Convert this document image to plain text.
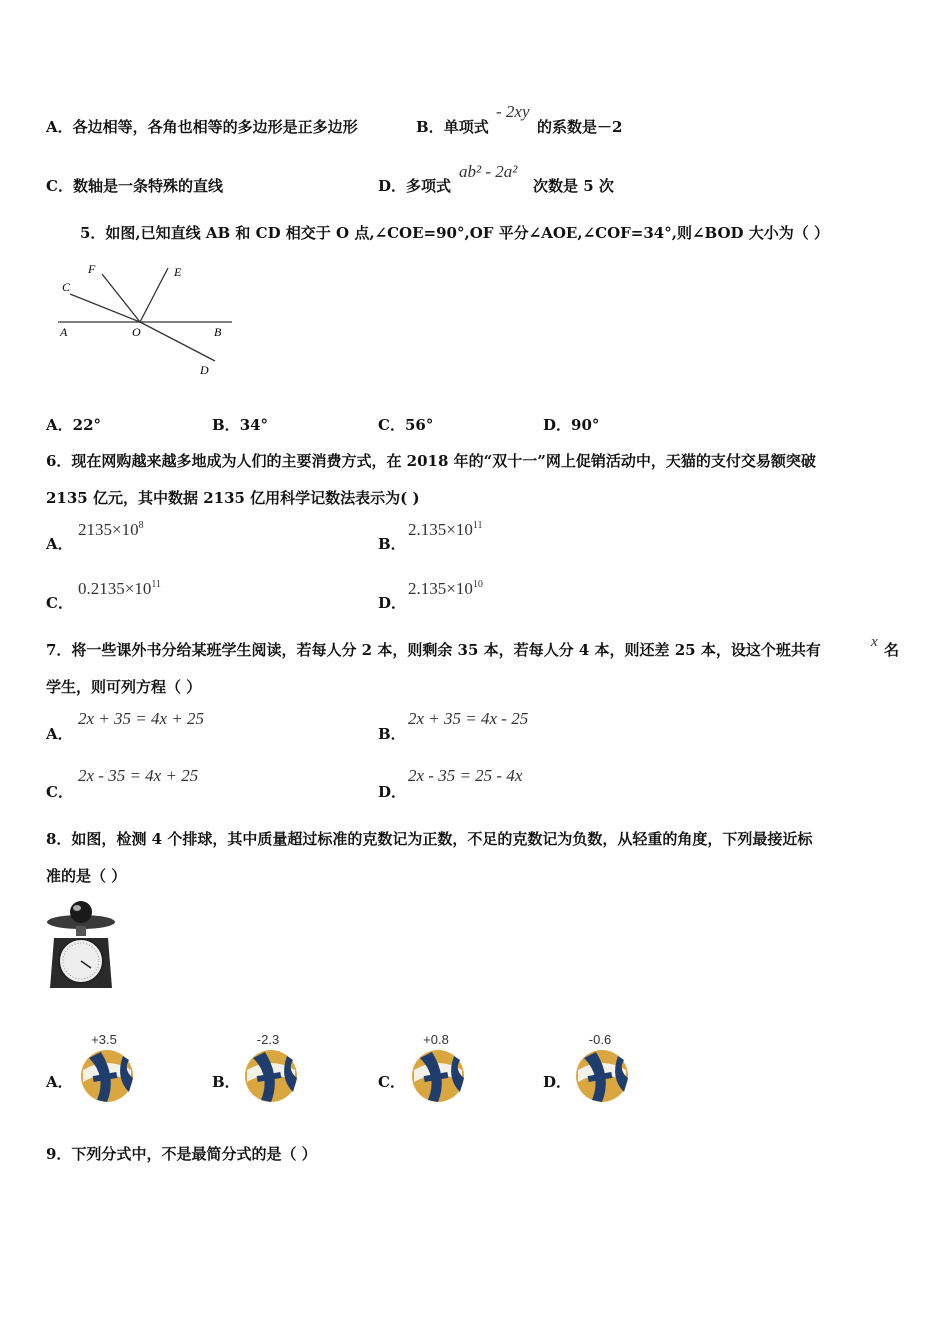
A．各边相等，各角也相等的多边形是正多边形	B．单项式
- 2xy
的系数是－2
C．数轴是一条特殊的直线	D．多项式
ab² - 2a²
次数是 5 次
5．如图,已知直线 AB 和 CD 相交于 O 点,∠COE=90°,OF 平分∠AOE,∠COF=34°,则∠BOD 大小为（ ）
C
F	E
A	O	B
D
A．22°	B．34°	C．56°	D．90°
6．现在网购越来越多地成为人们的主要消费方式，在 2018 年的“双十一”网上促销活动中，天猫的支付交易额突破
2135 亿元，其中数据 2135 亿用科学记数法表示为( )
A．
$2135\times 10^8$
B．
$2.135\times 10^{11}$
C．
$0.2135\times 10^{11}$
D．
$2.135\times 10^{10}$
7．将一些课外书分给某班学生阅读，若每人分 2 本，则剩余 35 本，若每人分 4 本，则还差 25 本，设这个班共有	x 名
学生，则可列方程（ ）
A．
2x + 35 = 4x + 25
B．
2x + 35 = 4x - 25
C．
2x - 35 = 4x + 25
D．
2x - 35 = 25 - 4x
8．如图，检测 4 个排球，其中质量超过标准的克数记为正数，不足的克数记为负数，从轻重的角度，下列最接近标
准的是（ ）
A．
+3.5
B．
-2.3
C．
+0.8
D．
-0.6
9．下列分式中，不是最简分式的是（ ）
